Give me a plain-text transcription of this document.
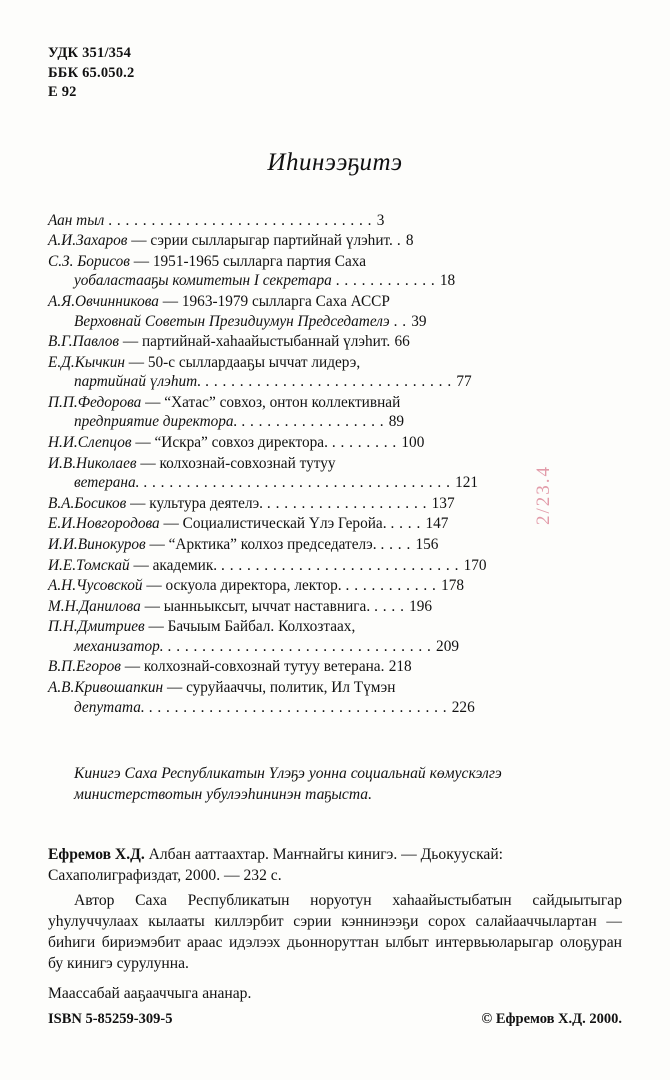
УДК 351/354
ББК 65.050.2
Е 92
Иһинээҕитэ
Аан тыл . . . . . . . . . . . . . . . . . . . . . . . . . . . . . . . 3
А.И.Захаров — сэрии сылларыгар партийнай үлэһит. . 8
С.З. Борисов — 1951-1965 сылларга партия Саха
уобаластааҕы комитетын I секретара . . . . . . . . . . . . 18
А.Я.Овчинникова — 1963-1979 сылларга Саха АССР
Верховнай Советын Президиумун Председателэ . . 39
В.Г.Павлов — партийнай-хаһаайыстыбаннай үлэһит. 66
Е.Д.Кычкин — 50-с сыллардааҕы ыччат лидерэ,
партийнай үлэһит. . . . . . . . . . . . . . . . . . . . . . . . . . . . . . 77
П.П.Федорова — “Хатас” совхоз, онтон коллективнай
предприятие директора. . . . . . . . . . . . . . . . . . 89
Н.И.Слепцов — “Искра” совхоз директора. . . . . . . . . 100
И.В.Николаев — колхознай-совхознай тутуу
ветерана. . . . . . . . . . . . . . . . . . . . . . . . . . . . . . . . . . . . . 121
В.А.Босиков — культура деятелэ. . . . . . . . . . . . . . . . . . . . 137
Е.И.Новгородова — Социалистическай Үлэ Геройа. . . . . 147
И.И.Винокуров — “Арктика” колхоз председателэ. . . . . 156
И.Е.Томскай — академик. . . . . . . . . . . . . . . . . . . . . . . . . . . . . 170
А.Н.Чусовской — оскуола директора, лектор. . . . . . . . . . . . 178
М.Н.Данилова — ыанньыксыт, ыччат наставнига. . . . . 196
П.Н.Дмитриев — Бачыым Байбал. Колхозтаах,
механизатор. . . . . . . . . . . . . . . . . . . . . . . . . . . . . . . . 209
В.П.Егоров — колхознай-совхознай тутуу ветерана. 218
А.В.Кривошапкин — суруйааччы, политик, Ил Түмэн
депутата. . . . . . . . . . . . . . . . . . . . . . . . . . . . . . . . . . . . 226
Кинигэ Саха Республикатын Үлэҕэ уонна социальнай көмускэлгэ министерствотын убулээһининэн таҕыста.
Ефремов Х.Д. Албан ааттаахтар. Маҥнайгы кинигэ. — Дьокуускай: Сахаполиграфиздат, 2000. — 232 с.
Автор Саха Республикатын норуотун хаһаайыстыбатын сайдыытыгар уһулуччулаах кылааты киллэрбит сэрии кэннинээҕи сорох салайааччылартан — биһиги бириэмэбит араас идэлээх дьонноруттан ылбыт интервьюларыгар олоҕуран бу кинигэ сурулунна.
Маассабай ааҕааччыга ананар.
2/23.4
ISBN 5-85259-309-5	© Ефремов Х.Д. 2000.
